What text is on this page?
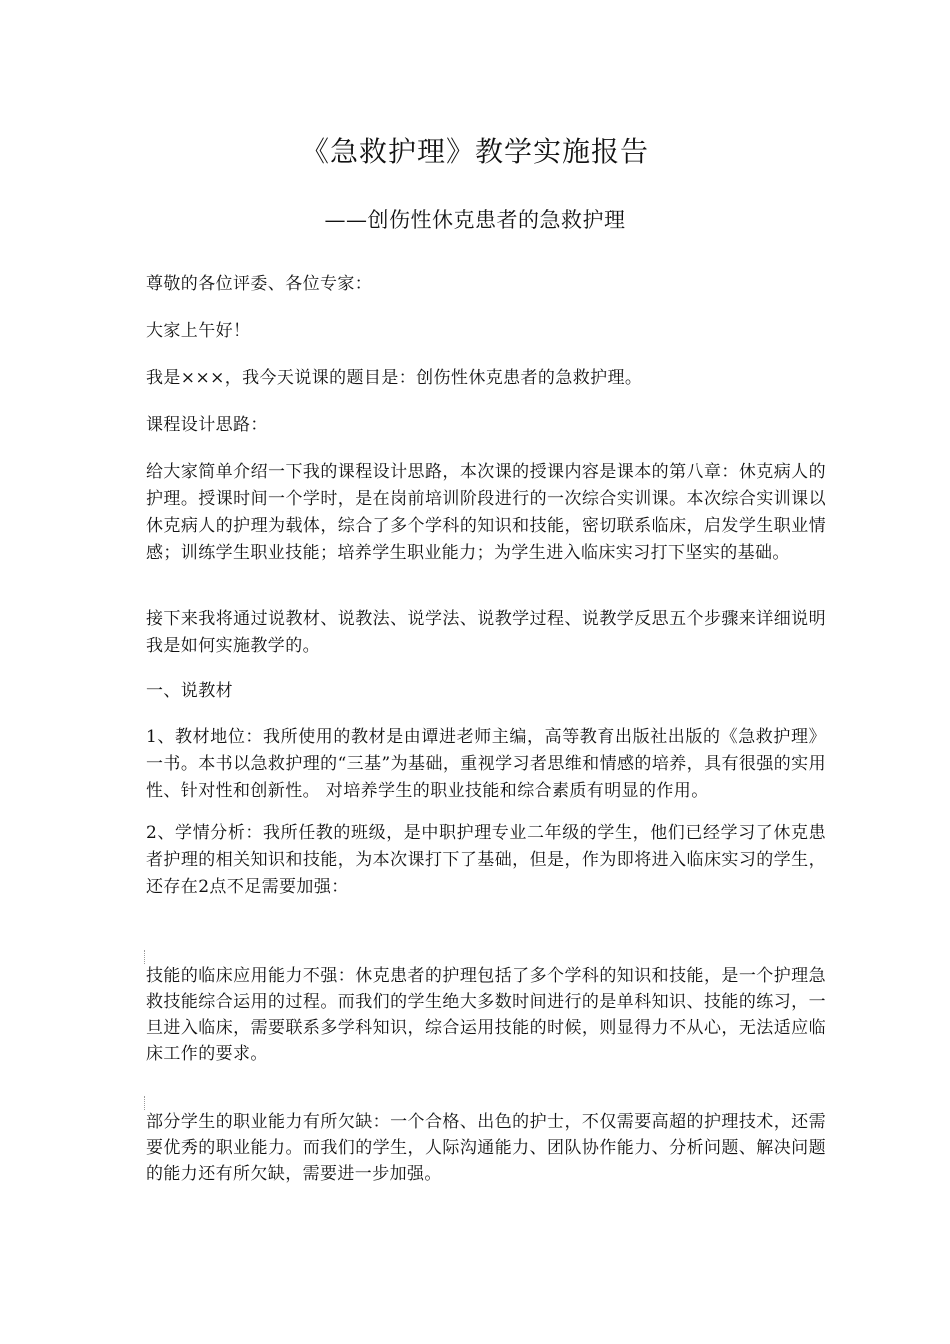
《急救护理》教学实施报告
——创伤性休克患者的急救护理

尊敬的各位评委、各位专家：

大家上午好！

我是×××，我今天说课的题目是：创伤性休克患者的急救护理。

课程设计思路：

给大家简单介绍一下我的课程设计思路，本次课的授课内容是课本的第八章：休克病人的护理。授课时间一个学时，是在岗前培训阶段进行的一次综合实训课。本次综合实训课以休克病人的护理为载体，综合了多个学科的知识和技能，密切联系临床，启发学生职业情感；训练学生职业技能；培养学生职业能力；为学生进入临床实习打下坚实的基础。

接下来我将通过说教材、说教法、说学法、说教学过程、说教学反思五个步骤来详细说明我是如何实施教学的。

一、说教材

1、教材地位：我所使用的教材是由谭进老师主编，高等教育出版社出版的《急救护理》一书。本书以急救护理的“三基”为基础，重视学习者思维和情感的培养，具有很强的实用性、针对性和创新性。 对培养学生的职业技能和综合素质有明显的作用。

2、学情分析：我所任教的班级，是中职护理专业二年级的学生，他们已经学习了休克患者护理的相关知识和技能，为本次课打下了基础，但是，作为即将进入临床实习的学生，还存在2点不足需要加强：

技能的临床应用能力不强：休克患者的护理包括了多个学科的知识和技能，是一个护理急救技能综合运用的过程。而我们的学生绝大多数时间进行的是单科知识、技能的练习，一旦进入临床，需要联系多学科知识，综合运用技能的时候，则显得力不从心，无法适应临床工作的要求。

部分学生的职业能力有所欠缺：一个合格、出色的护士，不仅需要高超的护理技术，还需要优秀的职业能力。而我们的学生，人际沟通能力、团队协作能力、分析问题、解决问题的能力还有所欠缺，需要进一步加强。
